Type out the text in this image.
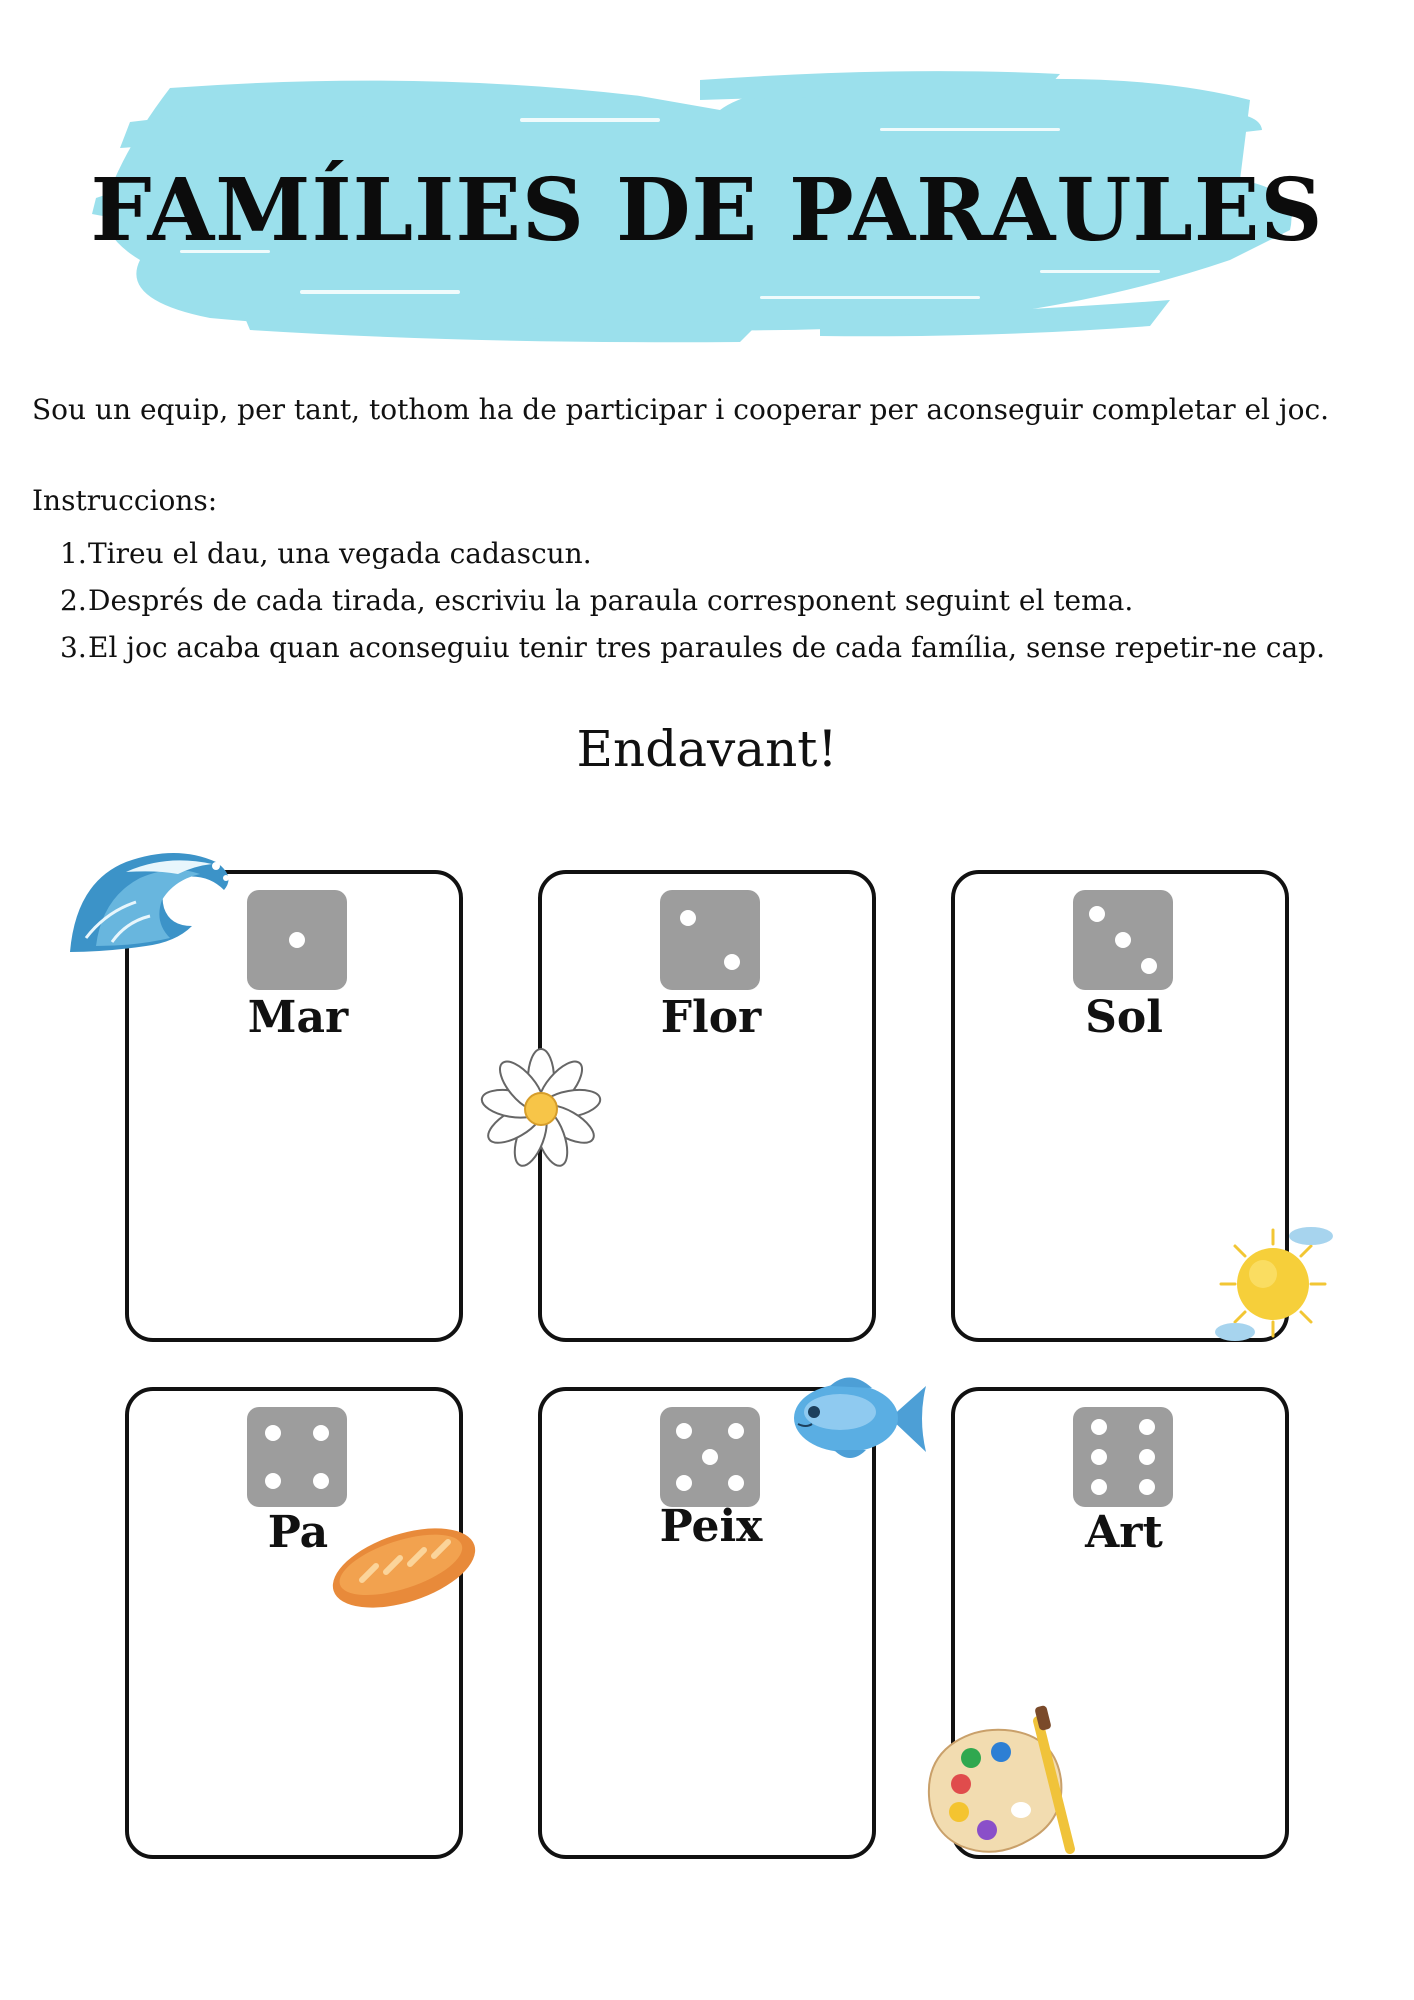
FAMÍLIES DE PARAULES
Sou un equip, per tant, tothom ha de participar i cooperar per aconseguir completar el joc.
Instruccions:
1.Tireu el dau, una vegada cadascun.
2.Després de cada tirada, escriviu la paraula corresponent seguint el tema.
3.El joc acaba quan aconseguiu tenir tres paraules de cada família, sense repetir-ne cap.
Endavant!
Mar	Flor	Sol
Pa	Peix	Art
